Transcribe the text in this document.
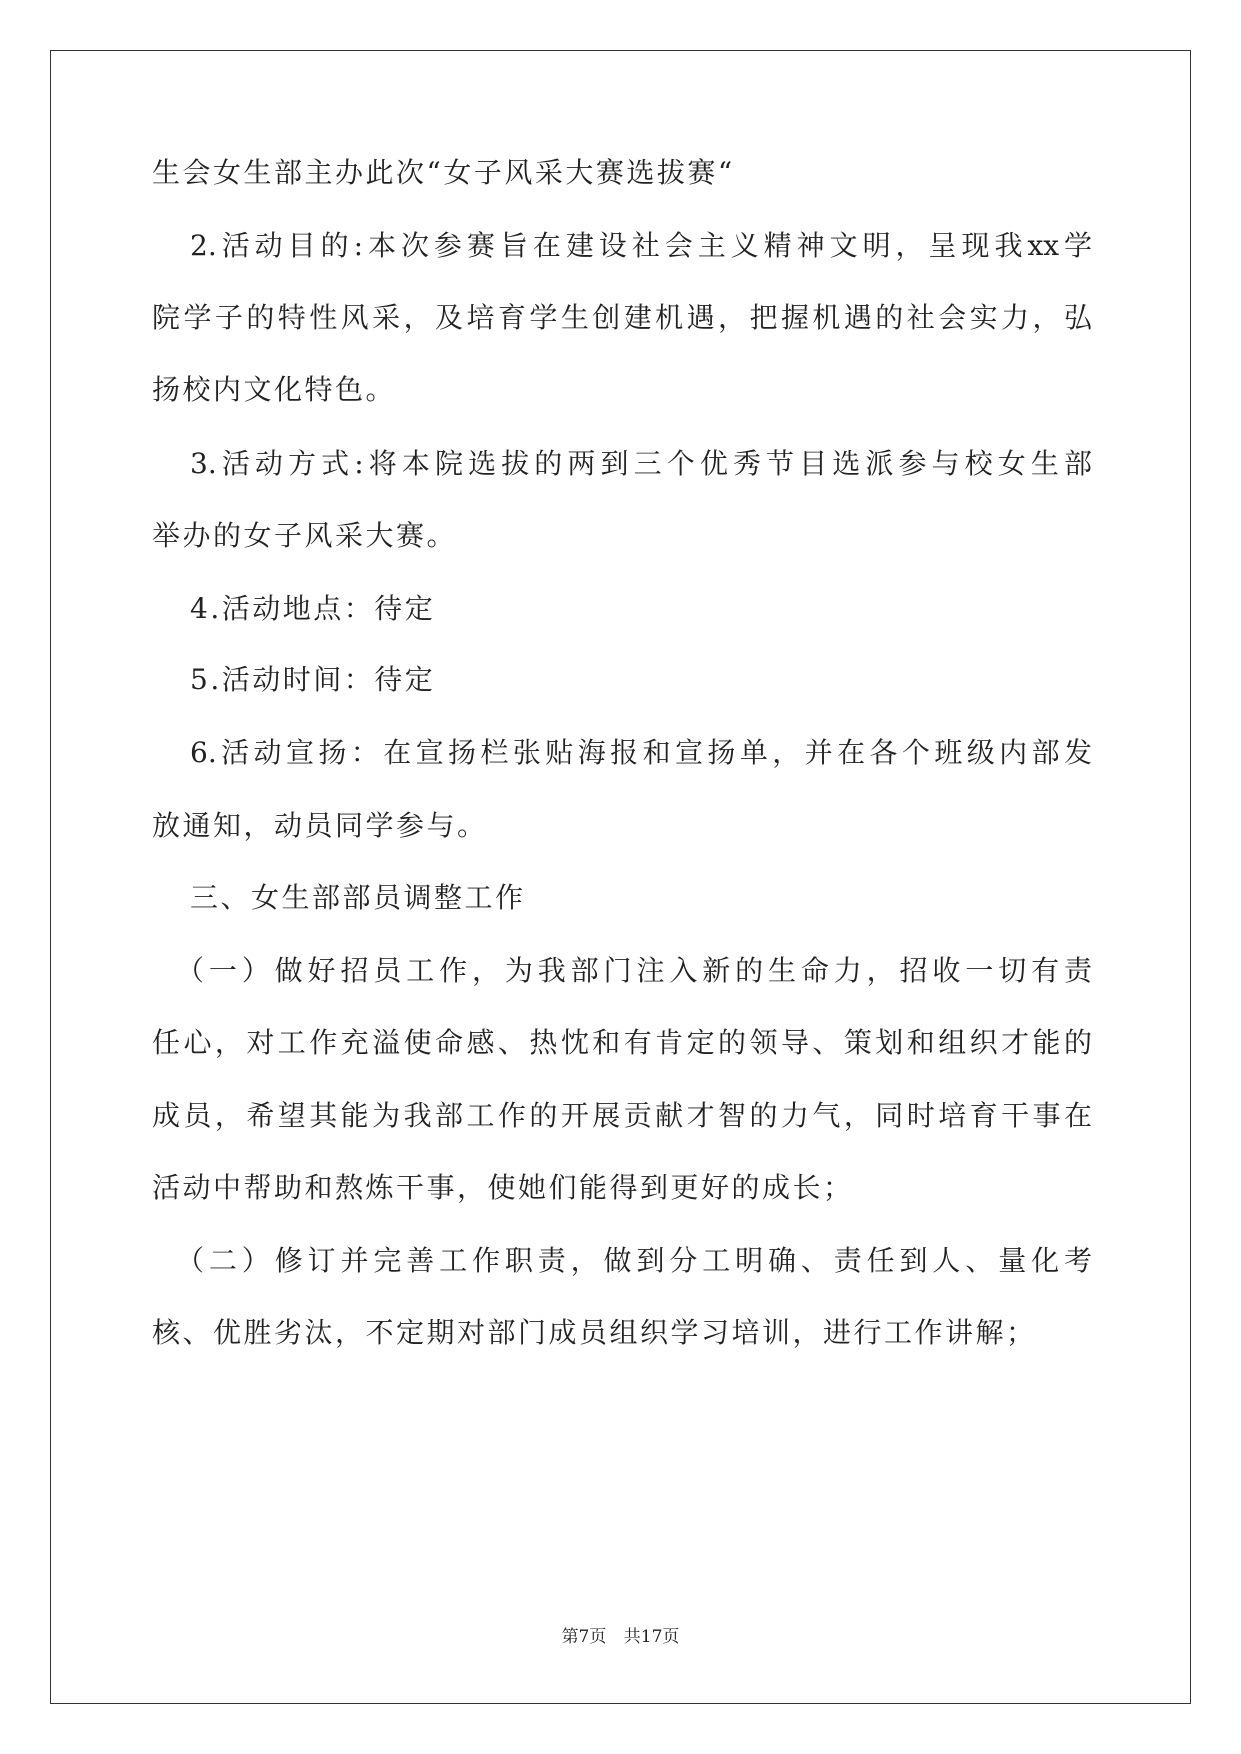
生会女生部主办此次“女子风采大赛选拔赛“
2.活动目的:本次参赛旨在建设社会主义精神文明，呈现我xx学
院学子的特性风采，及培育学生创建机遇，把握机遇的社会实力，弘
扬校内文化特色。
3.活动方式:将本院选拔的两到三个优秀节目选派参与校女生部
举办的女子风采大赛。
4.活动地点：待定
5.活动时间：待定
6.活动宣扬：在宣扬栏张贴海报和宣扬单，并在各个班级内部发
放通知，动员同学参与。
三、女生部部员调整工作
（一）做好招员工作，为我部门注入新的生命力，招收一切有责
任心，对工作充溢使命感、热忱和有肯定的领导、策划和组织才能的
成员，希望其能为我部工作的开展贡献才智的力气，同时培育干事在
活动中帮助和熬炼干事，使她们能得到更好的成长；
（二）修订并完善工作职责，做到分工明确、责任到人、量化考
核、优胜劣汰，不定期对部门成员组织学习培训，进行工作讲解；
第7页 共17页
